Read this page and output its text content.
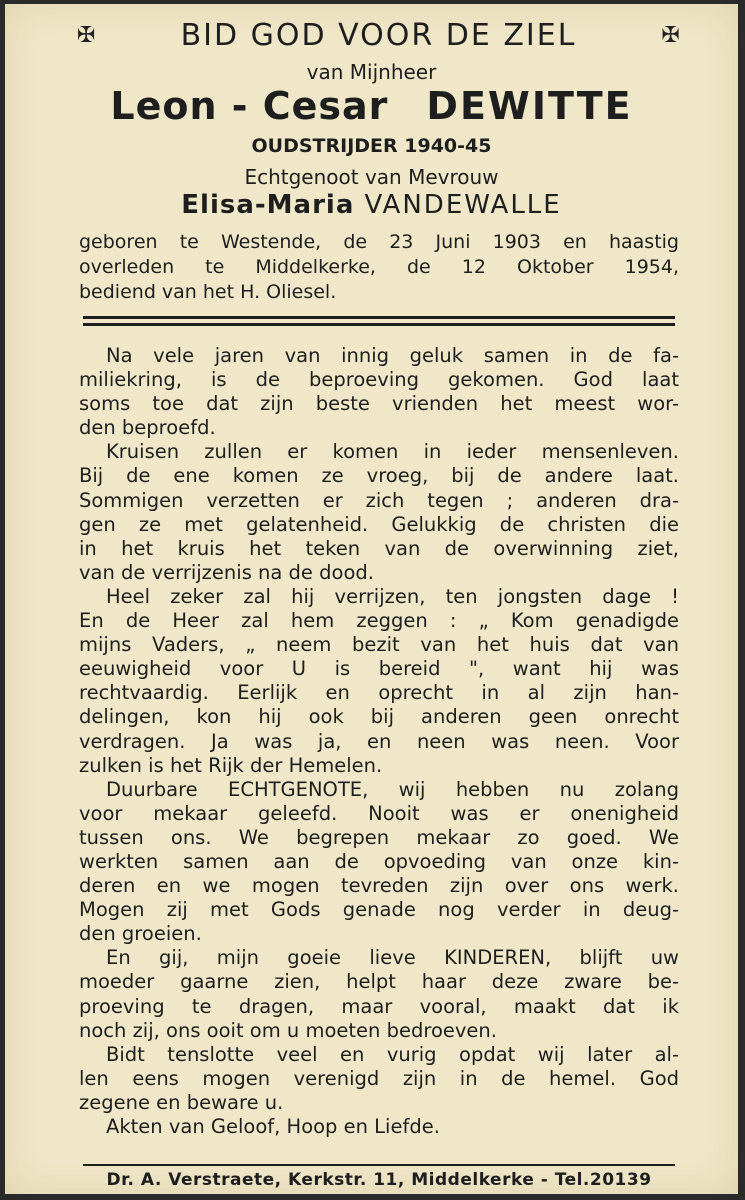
✠	BID GOD VOOR DE ZIEL	✠
van Mijnheer
Leon - Cesar DEWITTE
OUDSTRIJDER 1940-45
Echtgenoot van Mevrouw
Elisa-Maria VANDEWALLE
geboren te Westende, de 23 Juni 1903 en haastig
overleden te Middelkerke, de 12 Oktober 1954,
bediend van het H. Oliesel.
Na vele jaren van innig geluk samen in de fa-
miliekring, is de beproeving gekomen. God laat
soms toe dat zijn beste vrienden het meest wor-
den beproefd.
Kruisen zullen er komen in ieder mensenleven.
Bij de ene komen ze vroeg, bij de andere laat.
Sommigen verzetten er zich tegen ; anderen dra-
gen ze met gelatenheid. Gelukkig de christen die
in het kruis het teken van de overwinning ziet,
van de verrijzenis na de dood.
Heel zeker zal hij verrijzen, ten jongsten dage !
En de Heer zal hem zeggen : „ Kom genadigde
mijns Vaders, „ neem bezit van het huis dat van
eeuwigheid voor U is bereid ", want hij was
rechtvaardig. Eerlijk en oprecht in al zijn han-
delingen, kon hij ook bij anderen geen onrecht
verdragen. Ja was ja, en neen was neen. Voor
zulken is het Rijk der Hemelen.
Duurbare ECHTGENOTE, wij hebben nu zolang
voor mekaar geleefd. Nooit was er onenigheid
tussen ons. We begrepen mekaar zo goed. We
werkten samen aan de opvoeding van onze kin-
deren en we mogen tevreden zijn over ons werk.
Mogen zij met Gods genade nog verder in deug-
den groeien.
En gij, mijn goeie lieve KINDEREN, blijft uw
moeder gaarne zien, helpt haar deze zware be-
proeving te dragen, maar vooral, maakt dat ik
noch zij, ons ooit om u moeten bedroeven.
Bidt tenslotte veel en vurig opdat wij later al-
len eens mogen verenigd zijn in de hemel. God
zegene en beware u.
Akten van Geloof, Hoop en Liefde.
Dr. A. Verstraete, Kerkstr. 11, Middelkerke - Tel.20139
